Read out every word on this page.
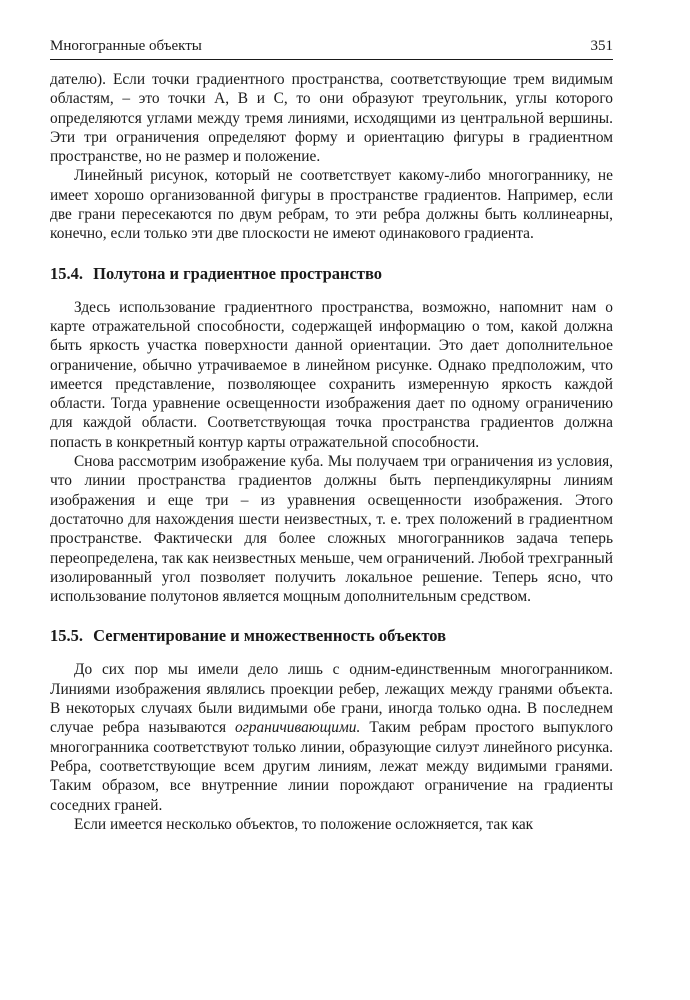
Многогранные объекты	351

дателю). Если точки градиентного пространства, соответствующие трем видимым областям, – это точки A, B и C, то они образуют треугольник, углы которого определяются углами между тремя линиями, исходящими из центральной вершины. Эти три ограничения определяют форму и ориентацию фигуры в градиентном пространстве, но не размер и положение.

Линейный рисунок, который не соответствует какому-либо многограннику, не имеет хорошо организованной фигуры в пространстве градиентов. Например, если две грани пересекаются по двум ребрам, то эти ребра должны быть коллинеарны, конечно, если только эти две плоскости не имеют одинакового градиента.

15.4. Полутона и градиентное пространство

Здесь использование градиентного пространства, возможно, напомнит нам о карте отражательной способности, содержащей информацию о том, какой должна быть яркость участка поверхности данной ориентации. Это дает дополнительное ограничение, обычно утрачиваемое в линейном рисунке. Однако предположим, что имеется представление, позволяющее сохранить измеренную яркость каждой области. Тогда уравнение освещенности изображения дает по одному ограничению для каждой области. Соответствующая точка пространства градиентов должна попасть в конкретный контур карты отражательной способности.

Снова рассмотрим изображение куба. Мы получаем три ограничения из условия, что линии пространства градиентов должны быть перпендикулярны линиям изображения и еще три – из уравнения освещенности изображения. Этого достаточно для нахождения шести неизвестных, т. е. трех положений в градиентном пространстве. Фактически для более сложных многогранников задача теперь переопределена, так как неизвестных меньше, чем ограничений. Любой трехгранный изолированный угол позволяет получить локальное решение. Теперь ясно, что использование полутонов является мощным дополнительным средством.

15.5. Сегментирование и множественность объектов

До сих пор мы имели дело лишь с одним-единственным многогранником. Линиями изображения являлись проекции ребер, лежащих между гранями объекта. В некоторых случаях были видимыми обе грани, иногда только одна. В последнем случае ребра называются ограничивающими. Таким ребрам простого выпуклого многогранника соответствуют только линии, образующие силуэт линейного рисунка. Ребра, соответствующие всем другим линиям, лежат между видимыми гранями. Таким образом, все внутренние линии порождают ограничение на градиенты соседних граней.

Если имеется несколько объектов, то положение осложняется, так как
